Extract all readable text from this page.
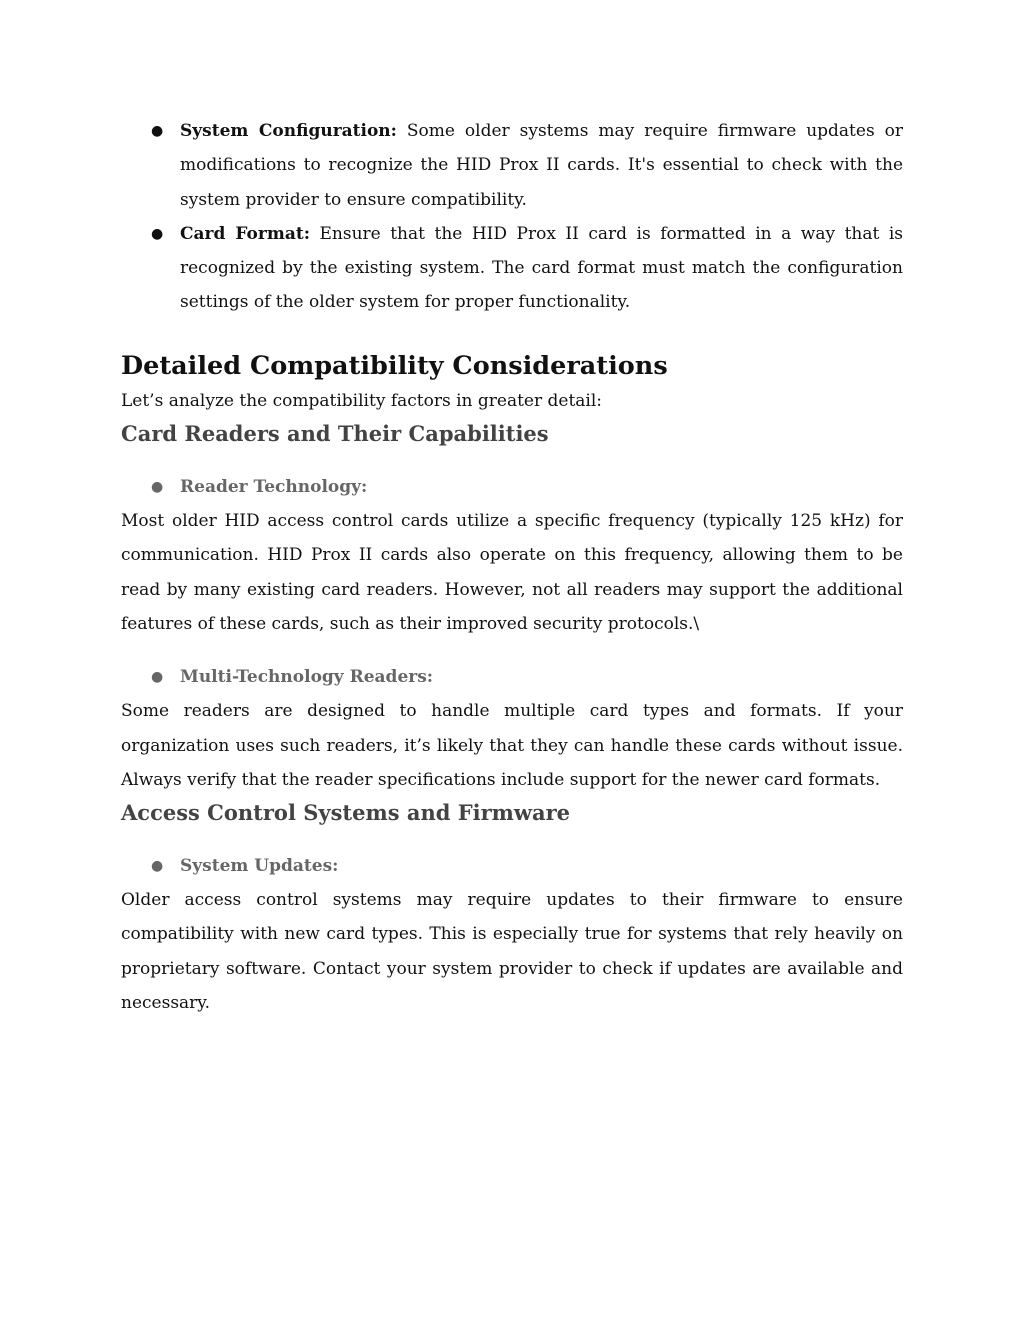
● System Configuration: Some older systems may require firmware updates or modifications to recognize the HID Prox II cards. It's essential to check with the system provider to ensure compatibility.
● Card Format: Ensure that the HID Prox II card is formatted in a way that is recognized by the existing system. The card format must match the configuration settings of the older system for proper functionality.
Detailed Compatibility Considerations

Let’s analyze the compatibility factors in greater detail:

Card Readers and Their Capabilities
● Reader Technology:

Most older HID access control cards utilize a specific frequency (typically 125 kHz) for communication. HID Prox II cards also operate on this frequency, allowing them to be read by many existing card readers. However, not all readers may support the additional features of these cards, such as their improved security protocols.\

● Multi-Technology Readers:

Some readers are designed to handle multiple card types and formats. If your organization uses such readers, it’s likely that they can handle these cards without issue. Always verify that the reader specifications include support for the newer card formats.

Access Control Systems and Firmware
● System Updates:

Older access control systems may require updates to their firmware to ensure compatibility with new card types. This is especially true for systems that rely heavily on proprietary software. Contact your system provider to check if updates are available and necessary.
